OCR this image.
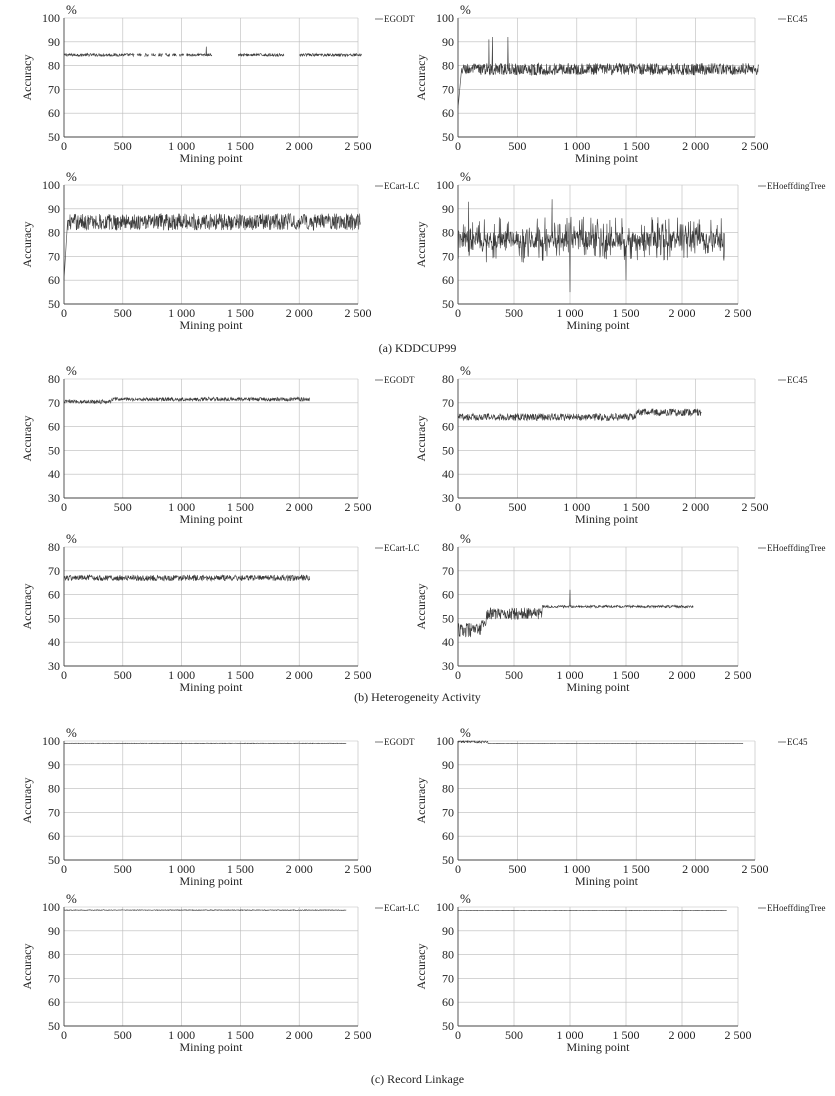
0	500	1 000	1 500	2 000	2 500
50
60
70
80
90
100
%
Mining point
Accuracy
EGODT
0	500	1 000	1 500	2 000	2 500
50
60
70
80
90
100
%
Mining point
Accuracy
EC45
0	500	1 000	1 500	2 000	2 500
50
60
70
80
90
100
%
Mining point
Accuracy
ECart-LC
0	500	1 000 1 500 2 000 2 500
50
60
70
80
90
100
%
Mining point
Accuracy
EHoeffdingTree
0	500	1 000	1 500	2 000	2 500
30
40
50
60
70
80
%
Mining point
Accuracy
EGODT
0	500	1 000	1 500	2 000	2 500
30
40
50
60
70
80
%
Mining point
Accuracy
EC45
0	500	1 000	1 500	2 000	2 500
30
40
50
60
70
80
%
Mining point
Accuracy
ECart-LC
0	500	1 000 1 500 2 000 2 500
30
40
50
60
70
80
%
Mining point
Accuracy
EHoeffdingTree
0	500	1 000	1 500	2 000	2 500
50
60
70
80
90
100
%
Mining point
Accuracy
EGODT
0	500	1 000	1 500	2 000	2 500
50
60
70
80
90
100
%
Mining point
Accuracy
EC45
0	500	1 000	1 500	2 000	2 500
50
60
70
80
90
100
%
Mining point
Accuracy
ECart-LC
0	500	1 000 1 500 2 000 2 500
50
60
70
80
90
100
%
Mining point
Accuracy
EHoeffdingTree
(a) KDDCUP99
(b) Heterogeneity Activity
(c) Record Linkage
